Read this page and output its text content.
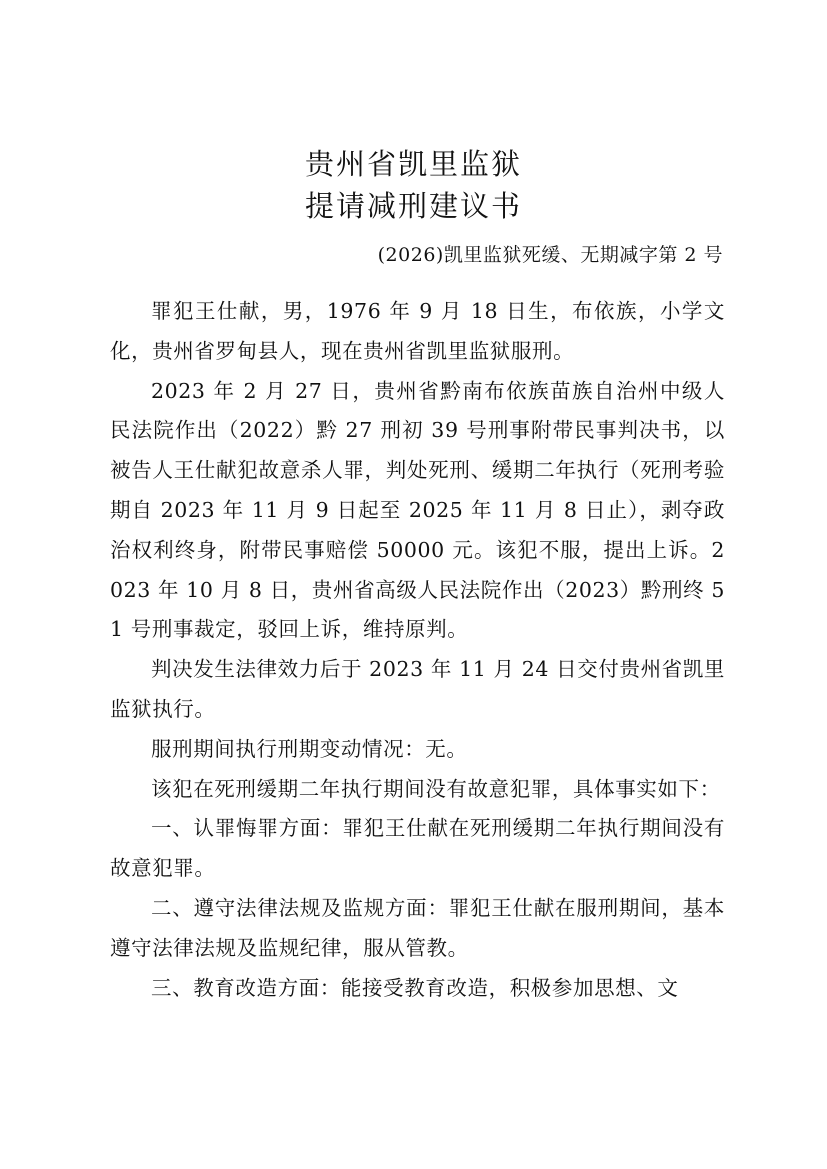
贵州省凯里监狱
提请减刑建议书
(2026)凯里监狱死缓、无期减字第 2 号

罪犯王仕献，男，1976 年 9 月 18 日生，布依族，小学文化，贵州省罗甸县人，现在贵州省凯里监狱服刑。

2023 年 2 月 27 日，贵州省黔南布依族苗族自治州中级人民法院作出（2022）黔 27 刑初 39 号刑事附带民事判决书，以被告人王仕献犯故意杀人罪，判处死刑、缓期二年执行（死刑考验期自 2023 年 11 月 9 日起至 2025 年 11 月 8 日止），剥夺政治权利终身，附带民事赔偿 50000 元。该犯不服，提出上诉。2023 年 10 月 8 日，贵州省高级人民法院作出（2023）黔刑终 51 号刑事裁定，驳回上诉，维持原判。

判决发生法律效力后于 2023 年 11 月 24 日交付贵州省凯里监狱执行。

服刑期间执行刑期变动情况：无。

该犯在死刑缓期二年执行期间没有故意犯罪，具体事实如下：

一、认罪悔罪方面：罪犯王仕献在死刑缓期二年执行期间没有故意犯罪。

二、遵守法律法规及监规方面：罪犯王仕献在服刑期间，基本遵守法律法规及监规纪律，服从管教。

三、教育改造方面：能接受教育改造，积极参加思想、文
